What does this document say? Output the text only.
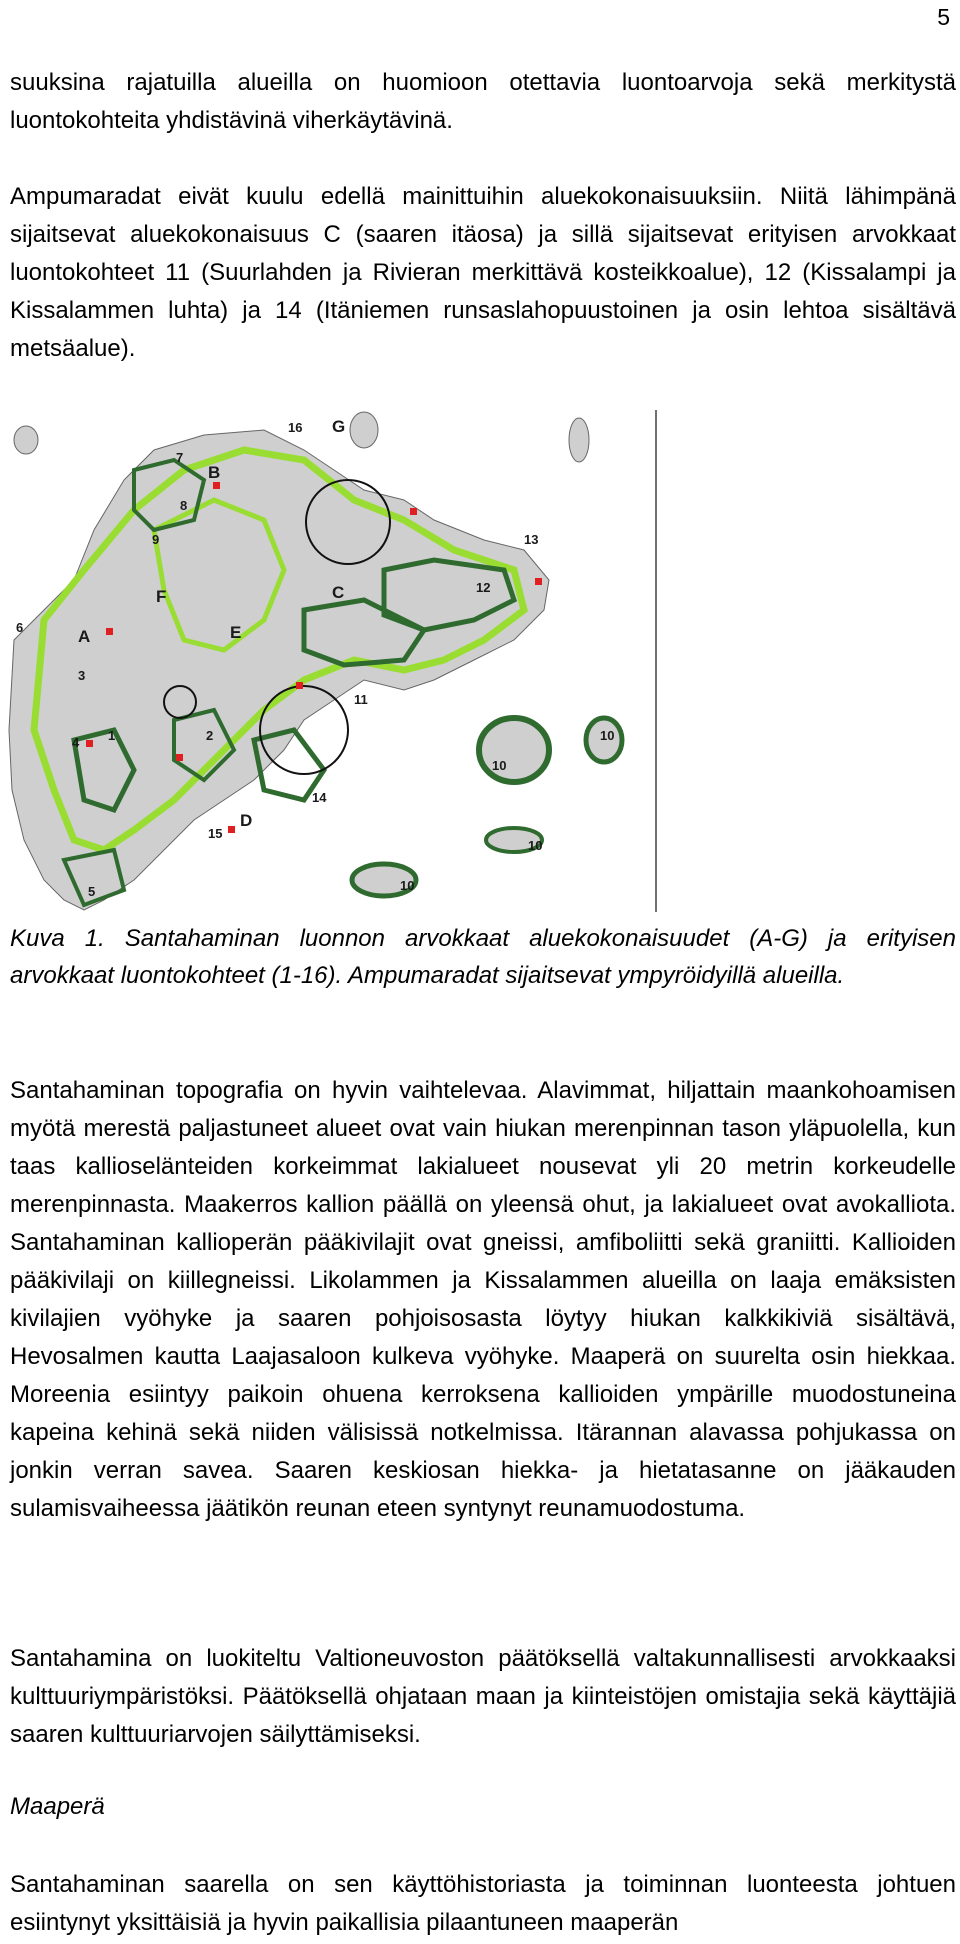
5

suuksina rajatuilla alueilla on huomioon otettavia luontoarvoja sekä merkitystä luontokohteita yhdistävinä viherkäytävinä.

Ampumaradat eivät kuulu edellä mainittuihin aluekokonaisuuksiin. Niitä lähimpänä sijaitsevat aluekokonaisuus C (saaren itäosa) ja sillä sijaitsevat erityisen arvokkaat luontokohteet 11 (Suurlahden ja Rivieran merkittävä kosteikkoalue), 12 (Kissalampi ja Kissalammen luhta) ja 14 (Itäniemen runsaslahopuustoinen ja osin lehtoa sisältävä metsäalue).

A
B
C
D
E
F
G
1	2
3
4
5
6
7
8
9
10
10
10
10
11
12
13
14
15
16

Kuva 1. Santahaminan luonnon arvokkaat aluekokonaisuudet (A-G) ja erityisen arvokkaat luontokohteet (1-16). Ampumaradat sijaitsevat ympyröidyillä alueilla.

Santahaminan topografia on hyvin vaihtelevaa. Alavimmat, hiljattain maankohoamisen myötä merestä paljastuneet alueet ovat vain hiukan merenpinnan tason yläpuolella, kun taas kallioselänteiden korkeimmat lakialueet nousevat yli 20 metrin korkeudelle merenpinnasta. Maakerros kallion päällä on yleensä ohut, ja lakialueet ovat avokalliota. Santahaminan kallioperän pääkivilajit ovat gneissi, amfiboliitti sekä graniitti. Kallioiden pääkivilaji on kiillegneissi. Likolammen ja Kissalammen alueilla on laaja emäksisten kivilajien vyöhyke ja saaren pohjoisosasta löytyy hiukan kalkkikiviä sisältävä, Hevosalmen kautta Laajasaloon kulkeva vyöhyke. Maaperä on suurelta osin hiekkaa. Moreenia esiintyy paikoin ohuena kerroksena kallioiden ympärille muodostuneina kapeina kehinä sekä niiden välisissä notkelmissa. Itärannan alavassa pohjukassa on jonkin verran savea. Saaren keskiosan hiekka- ja hietatasanne on jääkauden sulamisvaiheessa jäätikön reunan eteen syntynyt reunamuodostuma.

Santahamina on luokiteltu Valtioneuvoston päätöksellä valtakunnallisesti arvokkaaksi kulttuuriympäristöksi. Päätöksellä ohjataan maan ja kiinteistöjen omistajia sekä käyttäjiä saaren kulttuuriarvojen säilyttämiseksi.

Maaperä

Santahaminan saarella on sen käyttöhistoriasta ja toiminnan luonteesta johtuen esiintynyt yksittäisiä ja hyvin paikallisia pilaantuneen maaperän
